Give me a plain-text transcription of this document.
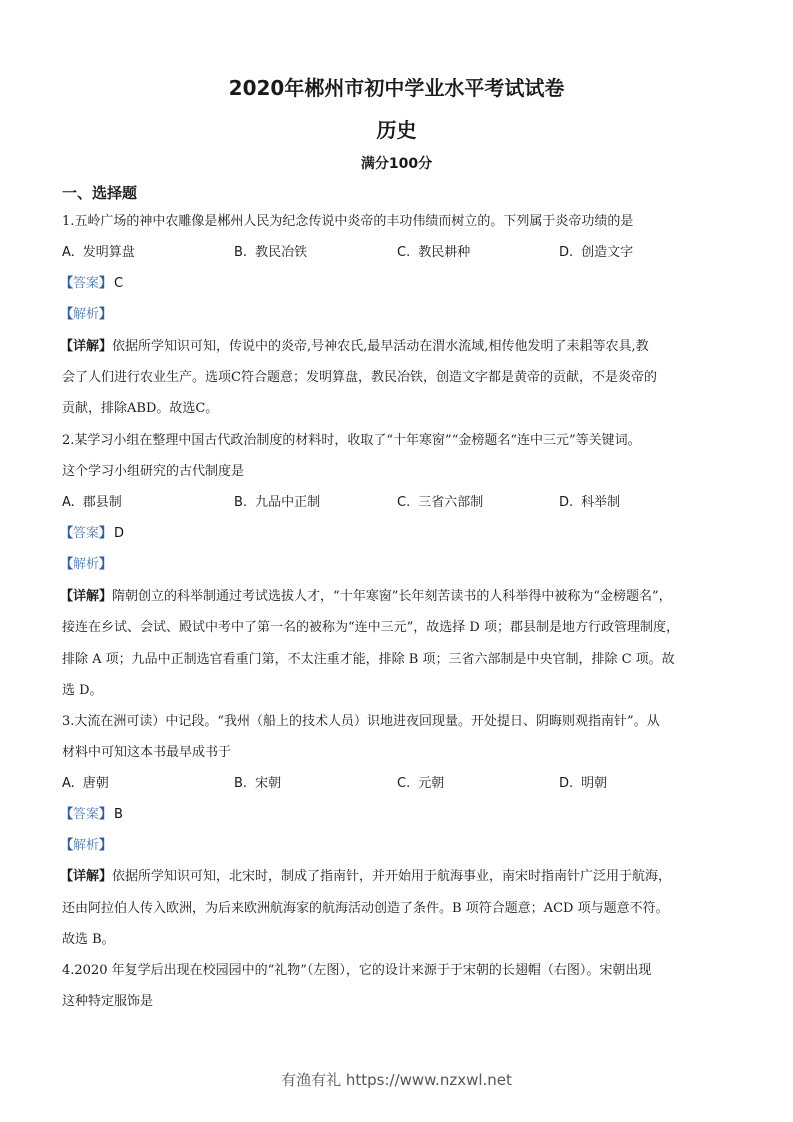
2020年郴州市初中学业水平考试试卷
历史
满分100分
一、选择题
1.五岭广场的神中农雕像是郴州人民为纪念传说中炎帝的丰功伟绩而树立的。下列属于炎帝功绩的是
A. 发明算盘	B. 教民冶铁	C. 教民耕种	D. 创造文字
【答案】 C
【解析】
【详解】依据所学知识可知，传说中的炎帝,号神农氏,最早活动在渭水流域,相传他发明了耒耜等农具,教
会了人们进行农业生产。选项C符合题意；发明算盘，教民冶铁，创造文字都是黄帝的贡献，不是炎帝的
贡献，排除ABD。故选C。
2.某学习小组在整理中国古代政治制度的材料时，收取了“十年寒窗”“金榜题名“连中三元”等关键词。
这个学习小组研究的古代制度是
A. 郡县制	B. 九品中正制	C. 三省六部制	D. 科举制
【答案】 D
【解析】
【详解】隋朝创立的科举制通过考试选拔人才，“十年寒窗”长年刻苦读书的人科举得中被称为“金榜题名”，
接连在乡试、会试、殿试中考中了第一名的被称为“连中三元”，故选择 D 项；郡县制是地方行政管理制度，
排除 A 项；九品中正制选官看重门第，不太注重才能，排除 B 项；三省六部制是中央官制，排除 C 项。故
选 D。
3.大流在洲可读）中记段。“我州（船上的技术人员）识地进夜回现量。开处提日、阴晦则观指南针”。从
材料中可知这本书最早成书于
A. 唐朝	B. 宋朝	C. 元朝	D. 明朝
【答案】 B
【解析】
【详解】依据所学知识可知，北宋时，制成了指南针，并开始用于航海事业，南宋时指南针广泛用于航海，
还由阿拉伯人传入欧洲，为后来欧洲航海家的航海活动创造了条件。B 项符合题意；ACD 项与题意不符。
故选 B。
4.2020 年复学后出现在校园园中的“礼物”（左图），它的设计来源于于宋朝的长翅帽（右图）。宋朝出现
这种特定服饰是
有渔有礼 https://www.nzxwl.net
